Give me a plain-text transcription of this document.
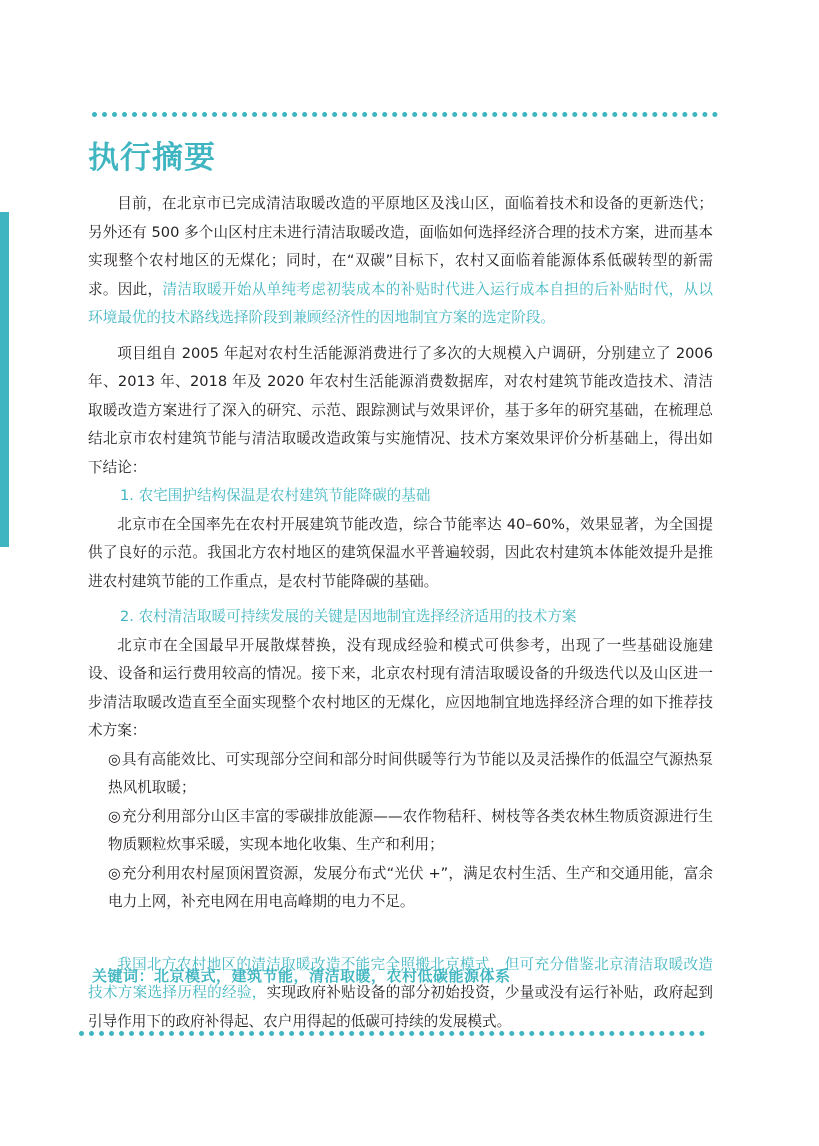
执行摘要

目前，在北京市已完成清洁取暖改造的平原地区及浅山区，面临着技术和设备的更新迭代；另外还有 500 多个山区村庄未进行清洁取暖改造，面临如何选择经济合理的技术方案，进而基本实现整个农村地区的无煤化；同时，在“双碳”目标下，农村又面临着能源体系低碳转型的新需求。因此，清洁取暖开始从单纯考虑初装成本的补贴时代进入运行成本自担的后补贴时代，从以环境最优的技术路线选择阶段到兼顾经济性的因地制宜方案的选定阶段。

项目组自 2005 年起对农村生活能源消费进行了多次的大规模入户调研，分别建立了 2006 年、2013 年、2018 年及 2020 年农村生活能源消费数据库，对农村建筑节能改造技术、清洁取暖改造方案进行了深入的研究、示范、跟踪测试与效果评价，基于多年的研究基础，在梳理总结北京市农村建筑节能与清洁取暖改造政策与实施情况、技术方案效果评价分析基础上，得出如下结论：

1. 农宅围护结构保温是农村建筑节能降碳的基础

北京市在全国率先在农村开展建筑节能改造，综合节能率达 40–60%，效果显著，为全国提供了良好的示范。我国北方农村地区的建筑保温水平普遍较弱，因此农村建筑本体能效提升是推进农村建筑节能的工作重点，是农村节能降碳的基础。

2. 农村清洁取暖可持续发展的关键是因地制宜选择经济适用的技术方案

北京市在全国最早开展散煤替换，没有现成经验和模式可供参考，出现了一些基础设施建设、设备和运行费用较高的情况。接下来，北京农村现有清洁取暖设备的升级迭代以及山区进一步清洁取暖改造直至全面实现整个农村地区的无煤化，应因地制宜地选择经济合理的如下推荐技术方案：

◎具有高能效比、可实现部分空间和部分时间供暖等行为节能以及灵活操作的低温空气源热泵热风机取暖；

◎充分利用部分山区丰富的零碳排放能源——农作物秸秆、树枝等各类农林生物质资源进行生物质颗粒炊事采暖，实现本地化收集、生产和利用；

◎充分利用农村屋顶闲置资源，发展分布式“光伏 +”，满足农村生活、生产和交通用能，富余电力上网，补充电网在用电高峰期的电力不足。

我国北方农村地区的清洁取暖改造不能完全照搬北京模式，但可充分借鉴北京清洁取暖改造技术方案选择历程的经验，实现政府补贴设备的部分初始投资，少量或没有运行补贴，政府起到引导作用下的政府补得起、农户用得起的低碳可持续的发展模式。

关键词：北京模式，建筑节能，清洁取暖，农村低碳能源体系
